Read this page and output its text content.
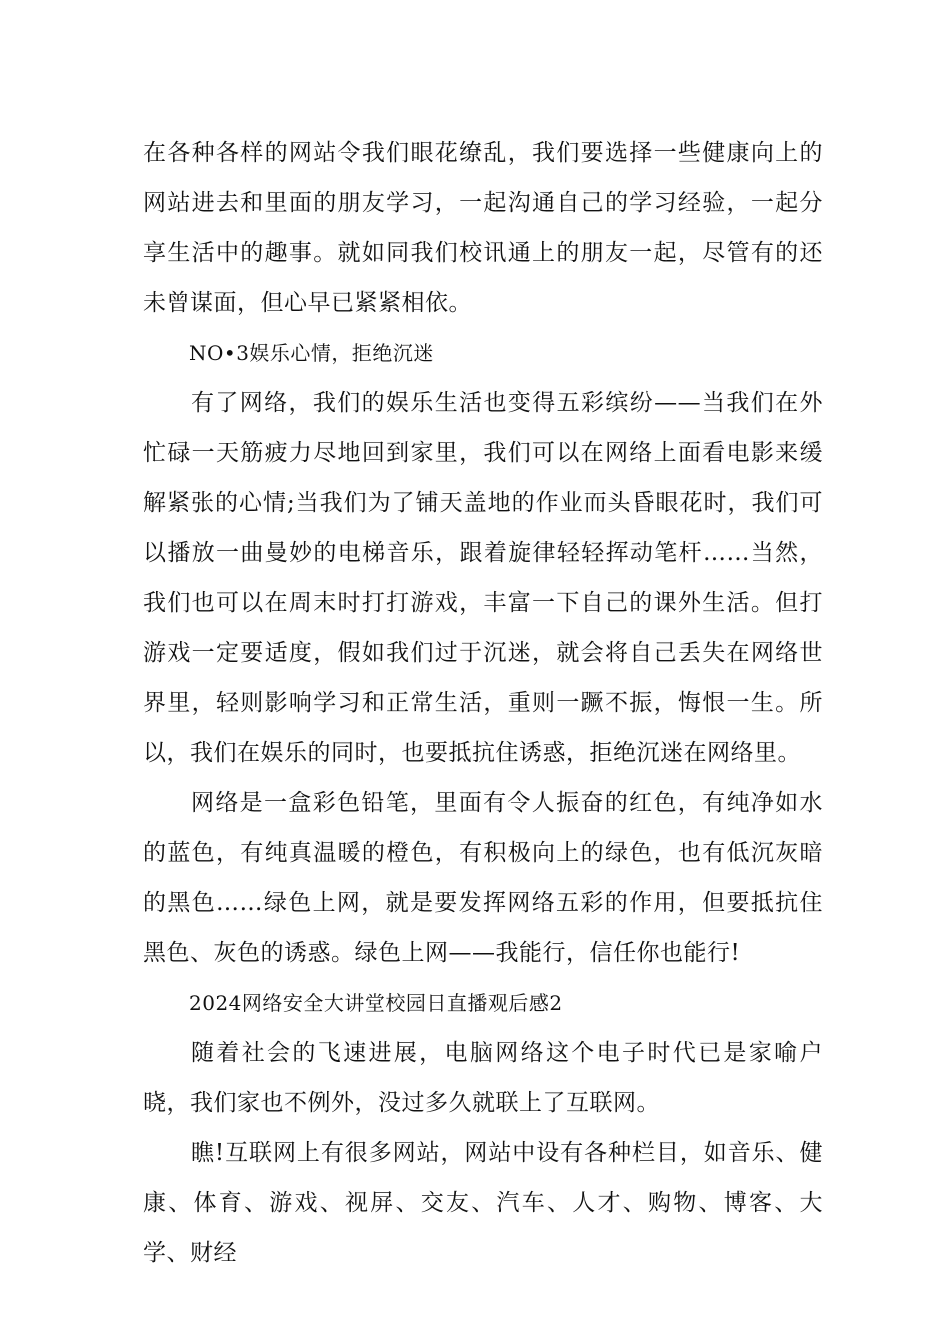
在各种各样的网站令我们眼花缭乱，我们要选择一些健康向上的网站进去和里面的朋友学习，一起沟通自己的学习经验，一起分享生活中的趣事。就如同我们校讯通上的朋友一起，尽管有的还未曾谋面，但心早已紧紧相依。

NO•3娱乐心情，拒绝沉迷

有了网络，我们的娱乐生活也变得五彩缤纷——当我们在外忙碌一天筋疲力尽地回到家里，我们可以在网络上面看电影来缓解紧张的心情;当我们为了铺天盖地的作业而头昏眼花时，我们可以播放一曲曼妙的电梯音乐，跟着旋律轻轻挥动笔杆……当然，我们也可以在周末时打打游戏，丰富一下自己的课外生活。但打游戏一定要适度，假如我们过于沉迷，就会将自己丢失在网络世界里，轻则影响学习和正常生活，重则一蹶不振，悔恨一生。所以，我们在娱乐的同时，也要抵抗住诱惑，拒绝沉迷在网络里。

网络是一盒彩色铅笔，里面有令人振奋的红色，有纯净如水的蓝色，有纯真温暖的橙色，有积极向上的绿色，也有低沉灰暗的黑色……绿色上网，就是要发挥网络五彩的作用，但要抵抗住黑色、灰色的诱惑。绿色上网——我能行，信任你也能行!

2024网络安全大讲堂校园日直播观后感2

随着社会的飞速进展，电脑网络这个电子时代已是家喻户晓，我们家也不例外，没过多久就联上了互联网。

瞧!互联网上有很多网站，网站中设有各种栏目，如音乐、健康、体育、游戏、视屏、交友、汽车、人才、购物、博客、大学、财经
